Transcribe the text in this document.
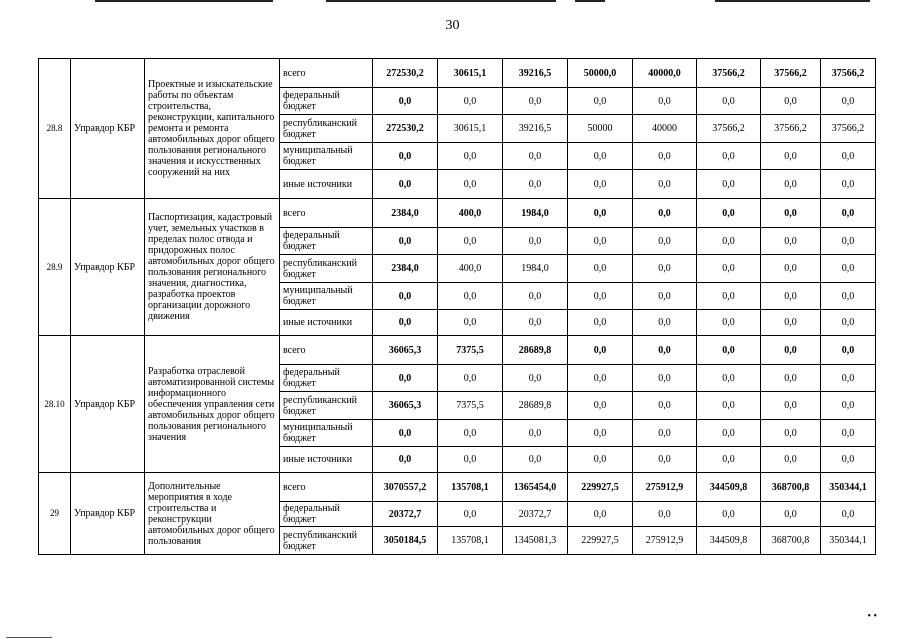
30
28.8	Управдор КБР	Проектные и изыскательские работы по объектам строительства, реконструкции, капитального ремонта и ремонта автомобильных дорог общего пользования регионального значения и искусственных сооружений на них	всего	272530,2	30615,1	39216,5	50000,0	40000,0	37566,2	37566,2	37566,2
			федеральный бюджет	0,0	0,0	0,0	0,0	0,0	0,0	0,0	0,0
			республиканский бюджет	272530,2	30615,1	39216,5	50000	40000	37566,2	37566,2	37566,2
			муниципальный бюджет	0,0	0,0	0,0	0,0	0,0	0,0	0,0	0,0
			иные источники	0,0	0,0	0,0	0,0	0,0	0,0	0,0	0,0
28.9	Управдор КБР	Паспортизация, кадастровый учет, земельных участков в пределах полос отвода и придорожных полос автомобильных дорог общего пользования регионального значения, диагностика, разработка проектов организации дорожного движения	всего	2384,0	400,0	1984,0	0,0	0,0	0,0	0,0	0,0
			федеральный бюджет	0,0	0,0	0,0	0,0	0,0	0,0	0,0	0,0
			республиканский бюджет	2384,0	400,0	1984,0	0,0	0,0	0,0	0,0	0,0
			муниципальный бюджет	0,0	0,0	0,0	0,0	0,0	0,0	0,0	0,0
			иные источники	0,0	0,0	0,0	0,0	0,0	0,0	0,0	0,0
28.10	Управдор КБР	Разработка отраслевой автоматизированной системы информационного обеспечения управления сети автомобильных дорог общего пользования регионального значения	всего	36065,3	7375,5	28689,8	0,0	0,0	0,0	0,0	0,0
			федеральный бюджет	0,0	0,0	0,0	0,0	0,0	0,0	0,0	0,0
			республиканский бюджет	36065,3	7375,5	28689,8	0,0	0,0	0,0	0,0	0,0
			муниципальный бюджет	0,0	0,0	0,0	0,0	0,0	0,0	0,0	0,0
			иные источники	0,0	0,0	0,0	0,0	0,0	0,0	0,0	0,0
29	Управдор КБР	Дополнительные мероприятия в ходе строительства и реконструкции автомобильных дорог общего пользования	всего	3070557,2	135708,1	1365454,0	229927,5	275912,9	344509,8	368700,8	350344,1
			федеральный бюджет	20372,7	0,0	20372,7	0,0	0,0	0,0	0,0	0,0
			республиканский бюджет	3050184,5	135708,1	1345081,3	229927,5	275912,9	344509,8	368700,8	350344,1
• •
